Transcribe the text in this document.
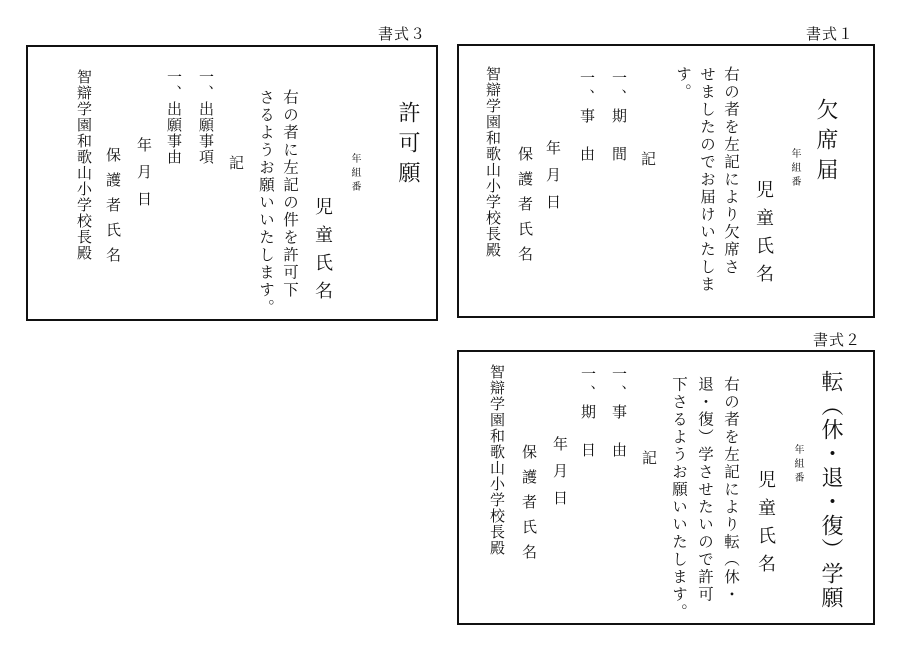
書式３
許可願
年組番
児童氏名
右の者に左記の件を許可下
さるようお願いいたします。
記
一、出願事項
一、出願事由
年月日
保護者氏名
智辯学園和歌山小学校長殿
書式１
欠席届
年組番
児童氏名
右の者を左記により欠席さ
せましたのでお届けいたしま
す。
記
一、期　間
一、事　由
年月日
保護者氏名
智辯学園和歌山小学校長殿
書式２
転（休・退・復）学願
年組番
児童氏名
右の者を左記により転（休・
退・復）学させたいので許可
下さるようお願いいたします。
記
一、事　由
一、期　日
年月日
保護者氏名
智辯学園和歌山小学校長殿
